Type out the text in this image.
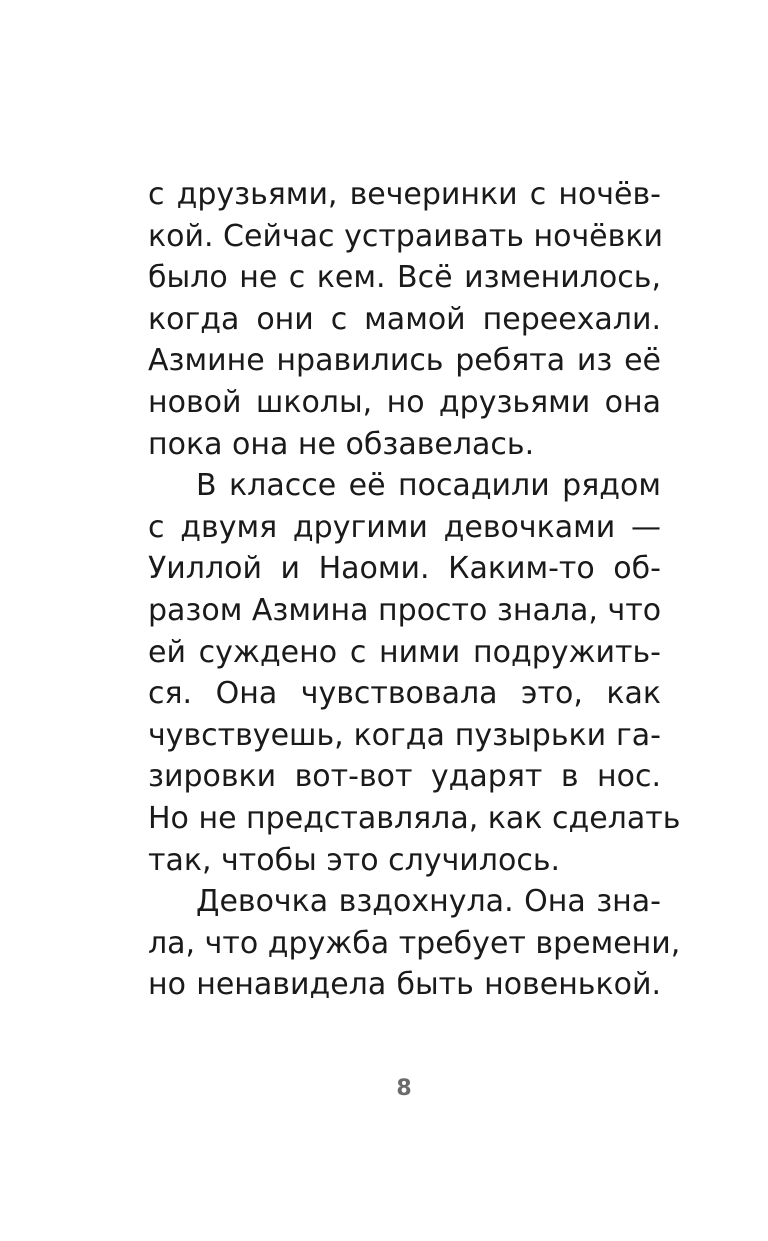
с друзьями, вечеринки с ночёв-
кой. Сейчас устраивать ночёвки
было не с кем. Всё изменилось,
когда они с мамой переехали.
Азмине нравились ребята из её
новой школы, но друзьями она
пока она не обзавелась.
В классе её посадили рядом
с двумя другими девочками —
Уиллой и Наоми. Каким-то об-
разом Азмина просто знала, что
ей суждено с ними подружить-
ся. Она чувствовала это, как
чувствуешь, когда пузырьки га-
зировки вот-вот ударят в нос.
Но не представляла, как сделать
так, чтобы это случилось.
Девочка вздохнула. Она зна-
ла, что дружба требует времени,
но ненавидела быть новенькой.
8
